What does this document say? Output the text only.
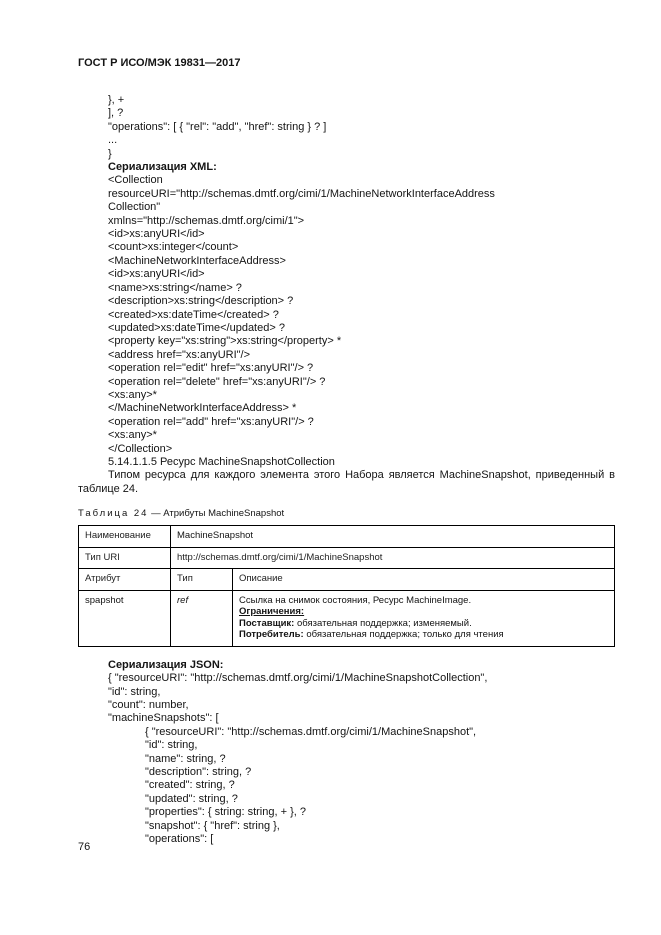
ГОСТ Р ИСО/МЭК 19831—2017
}, +
], ?
"operations": [ { "rel": "add", "href": string } ? ]
...
}
Сериализация XML:
<Collection
resourceURI="http://schemas.dmtf.org/cimi/1/MachineNetworkInterfaceAddress
Collection"
xmlns="http://schemas.dmtf.org/cimi/1">
<id>xs:anyURI</id>
<count>xs:integer</count>
<MachineNetworkInterfaceAddress>
<id>xs:anyURI</id>
<name>xs:string</name> ?
<description>xs:string</description> ?
<created>xs:dateTime</created> ?
<updated>xs:dateTime</updated> ?
<property key="xs:string">xs:string</property> *
<address href="xs:anyURI"/>
<operation rel="edit" href="xs:anyURI"/> ?
<operation rel="delete" href="xs:anyURI"/> ?
<xs:any>*
</MachineNetworkInterfaceAddress> *
<operation rel="add" href="xs:anyURI"/> ?
<xs:any>*
</Collection>
5.14.1.1.5 Ресурс MachineSnapshotCollection

Типом ресурса для каждого элемента этого Набора является MachineSnapshot, приведенный в таблице 24.

Таблица 24 — Атрибуты MachineSnapshot
Наименование	MachineSnapshot	
Тип URI	http://schemas.dmtf.org/cimi/1/MachineSnapshot	
Атрибут	Тип	Описание
spapshot	ref	Ссылка на снимок состояния, Ресурс MachineImage.
Ограничения:
Поставщик: обязательная поддержка; изменяемый.
Потребитель: обязательная поддержка; только для чтения
Сериализация JSON:
{ "resourceURI": "http://schemas.dmtf.org/cimi/1/MachineSnapshotCollection",
"id": string,
"count": number,
"machineSnapshots": [
{ "resourceURI": "http://schemas.dmtf.org/cimi/1/MachineSnapshot",
"id": string,
"name": string, ?
"description": string, ?
"created": string, ?
"updated": string, ?
"properties": { string: string, + }, ?
"snapshot": { "href": string },
"operations": [
76
